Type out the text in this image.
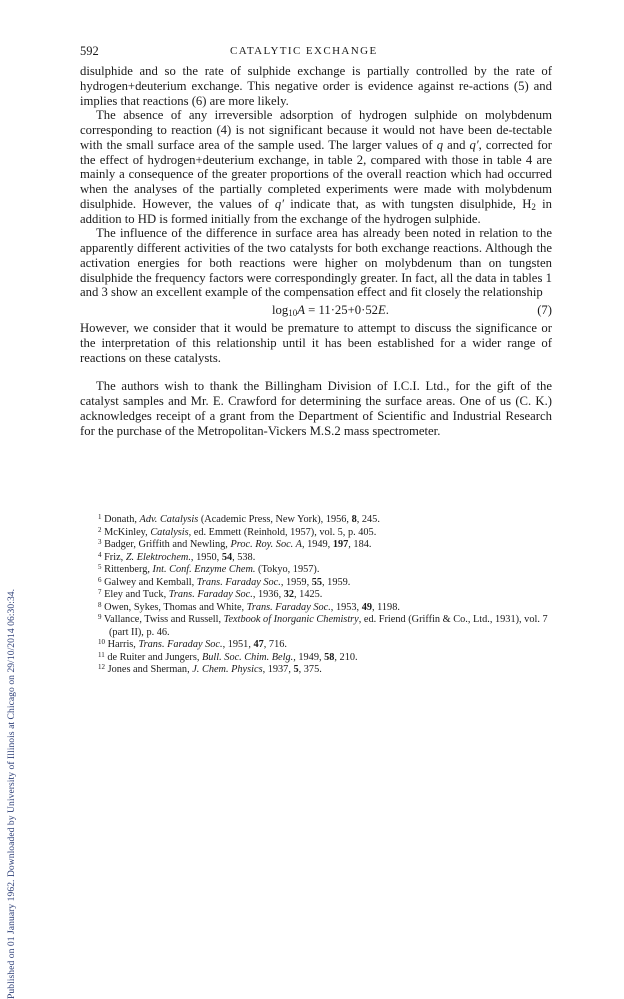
Published on 01 January 1962. Downloaded by University of Illinois at Chicago on 29/10/2014 06:30:34.
592	CATALYTIC EXCHANGE

disulphide and so the rate of sulphide exchange is partially controlled by the rate of hydrogen+deuterium exchange. This negative order is evidence against re-actions (5) and implies that reactions (6) are more likely.

The absence of any irreversible adsorption of hydrogen sulphide on molybdenum corresponding to reaction (4) is not significant because it would not have been de-tectable with the small surface area of the sample used. The larger values of q and q′, corrected for the effect of hydrogen+deuterium exchange, in table 2, compared with those in table 4 are mainly a consequence of the greater proportions of the overall reaction which had occurred when the analyses of the partially completed experiments were made with molybdenum disulphide. However, the values of q′ indicate that, as with tungsten disulphide, $H_2$ in addition to HD is formed initially from the exchange of the hydrogen sulphide.

The influence of the difference in surface area has already been noted in relation to the apparently different activities of the two catalysts for both exchange reactions. Although the activation energies for both reactions were higher on molybdenum than on tungsten disulphide the frequency factors were correspondingly greater. In fact, all the data in tables 1 and 3 show an excellent example of the compensation effect and fit closely the relationship

$\log_{10}A = 11\cdot 25+0\cdot 52E$.	(7)

However, we consider that it would be premature to attempt to discuss the significance or the interpretation of this relationship until it has been established for a wider range of reactions on these catalysts.

The authors wish to thank the Billingham Division of I.C.I. Ltd., for the gift of the catalyst samples and Mr. E. Crawford for determining the surface areas. One of us (C. K.) acknowledges receipt of a grant from the Department of Scientific and Industrial Research for the purchase of the Metropolitan-Vickers M.S.2 mass spectrometer.

$^1$ Donath, Adv. Catalysis (Academic Press, New York), 1956, 8, 245.

$^2$ McKinley, Catalysis, ed. Emmett (Reinhold, 1957), vol. 5, p. 405.

$^3$ Badger, Griffith and Newling, Proc. Roy. Soc. A, 1949, 197, 184.

$^4$ Friz, Z. Elektrochem., 1950, 54, 538.

$^5$ Rittenberg, Int. Conf. Enzyme Chem. (Tokyo, 1957).

$^6$ Galwey and Kemball, Trans. Faraday Soc., 1959, 55, 1959.

$^7$ Eley and Tuck, Trans. Faraday Soc., 1936, 32, 1425.

$^8$ Owen, Sykes, Thomas and White, Trans. Faraday Soc., 1953, 49, 1198.

$^9$ Vallance, Twiss and Russell, Textbook of Inorganic Chemistry, ed. Friend (Griffin & Co., Ltd., 1931), vol. 7 (part II), p. 46.

$^{10}$ Harris, Trans. Faraday Soc., 1951, 47, 716.

$^{11}$ de Ruiter and Jungers, Bull. Soc. Chim. Belg., 1949, 58, 210.

$^{12}$ Jones and Sherman, J. Chem. Physics, 1937, 5, 375.
